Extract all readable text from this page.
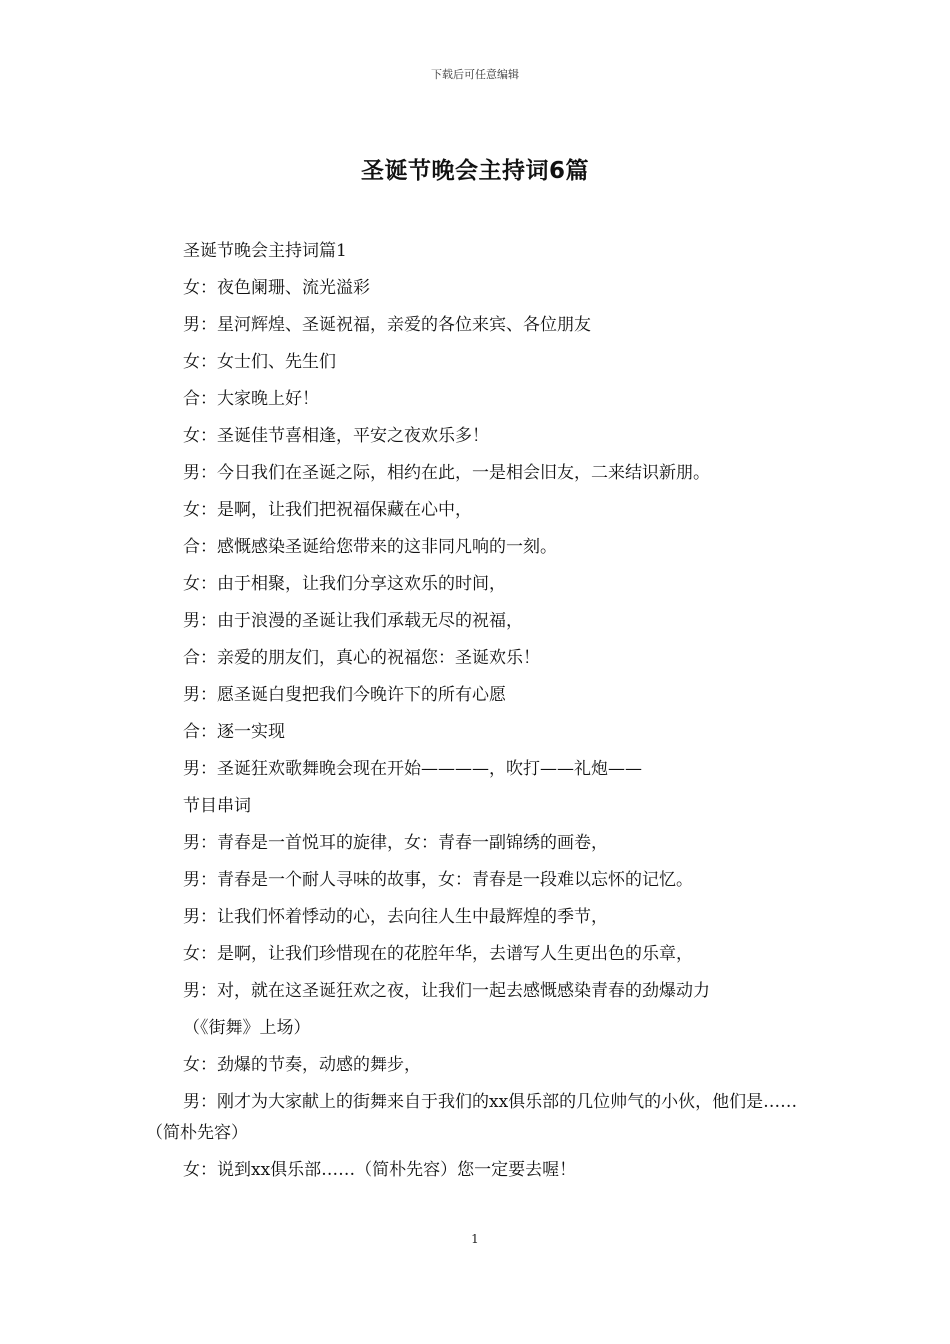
下载后可任意编辑
圣诞节晚会主持词6篇

圣诞节晚会主持词篇1

女：夜色阑珊、流光溢彩

男：星河辉煌、圣诞祝福，亲爱的各位来宾、各位朋友

女：女士们、先生们

合：大家晚上好！

女：圣诞佳节喜相逢，平安之夜欢乐多！

男：今日我们在圣诞之际，相约在此，一是相会旧友，二来结识新朋。

女：是啊，让我们把祝福保藏在心中，

合：感慨感染圣诞给您带来的这非同凡响的一刻。

女：由于相聚，让我们分享这欢乐的时间，

男：由于浪漫的圣诞让我们承载无尽的祝福，

合：亲爱的朋友们，真心的祝福您：圣诞欢乐！

男：愿圣诞白叟把我们今晚许下的所有心愿

合：逐一实现

男：圣诞狂欢歌舞晚会现在开始————，吹打——礼炮——

节目串词

男：青春是一首悦耳的旋律，女：青春一副锦绣的画卷，

男：青春是一个耐人寻味的故事，女：青春是一段难以忘怀的记忆。

男：让我们怀着悸动的心，去向往人生中最辉煌的季节，

女：是啊，让我们珍惜现在的花腔年华，去谱写人生更出色的乐章，

男：对，就在这圣诞狂欢之夜，让我们一起去感慨感染青春的劲爆动力

（《街舞》上场）

女：劲爆的节奏，动感的舞步，

男：刚才为大家献上的街舞来自于我们的xx俱乐部的几位帅气的小伙，他们是……（简朴先容）

女：说到xx俱乐部……（简朴先容）您一定要去喔！

1
